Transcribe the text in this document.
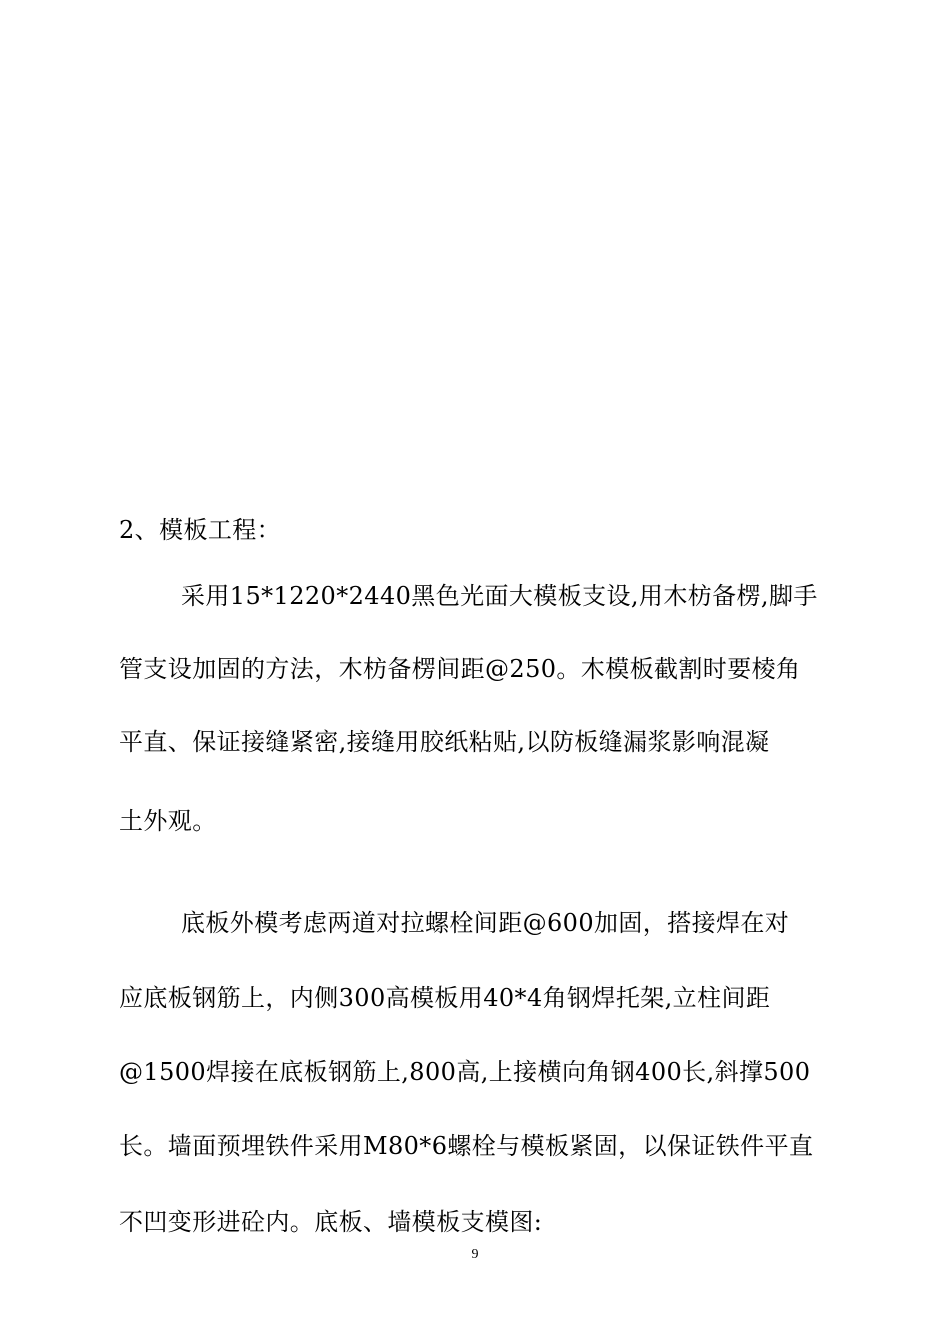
2、模板工程：
采用15*1220*2440黑色光面大模板支设,用木枋备楞,脚手
管支设加固的方法，木枋备楞间距@250。木模板截割时要棱角
平直、保证接缝紧密,接缝用胶纸粘贴,以防板缝漏浆影响混凝
土外观。
底板外模考虑两道对拉螺栓间距@600加固，搭接焊在对
应底板钢筋上，内侧300高模板用40*4角钢焊托架,立柱间距
@1500焊接在底板钢筋上,800高,上接横向角钢400长,斜撑500
长。墙面预埋铁件采用M80*6螺栓与模板紧固，以保证铁件平直
不凹变形进砼内。底板、墙模板支模图:
9
